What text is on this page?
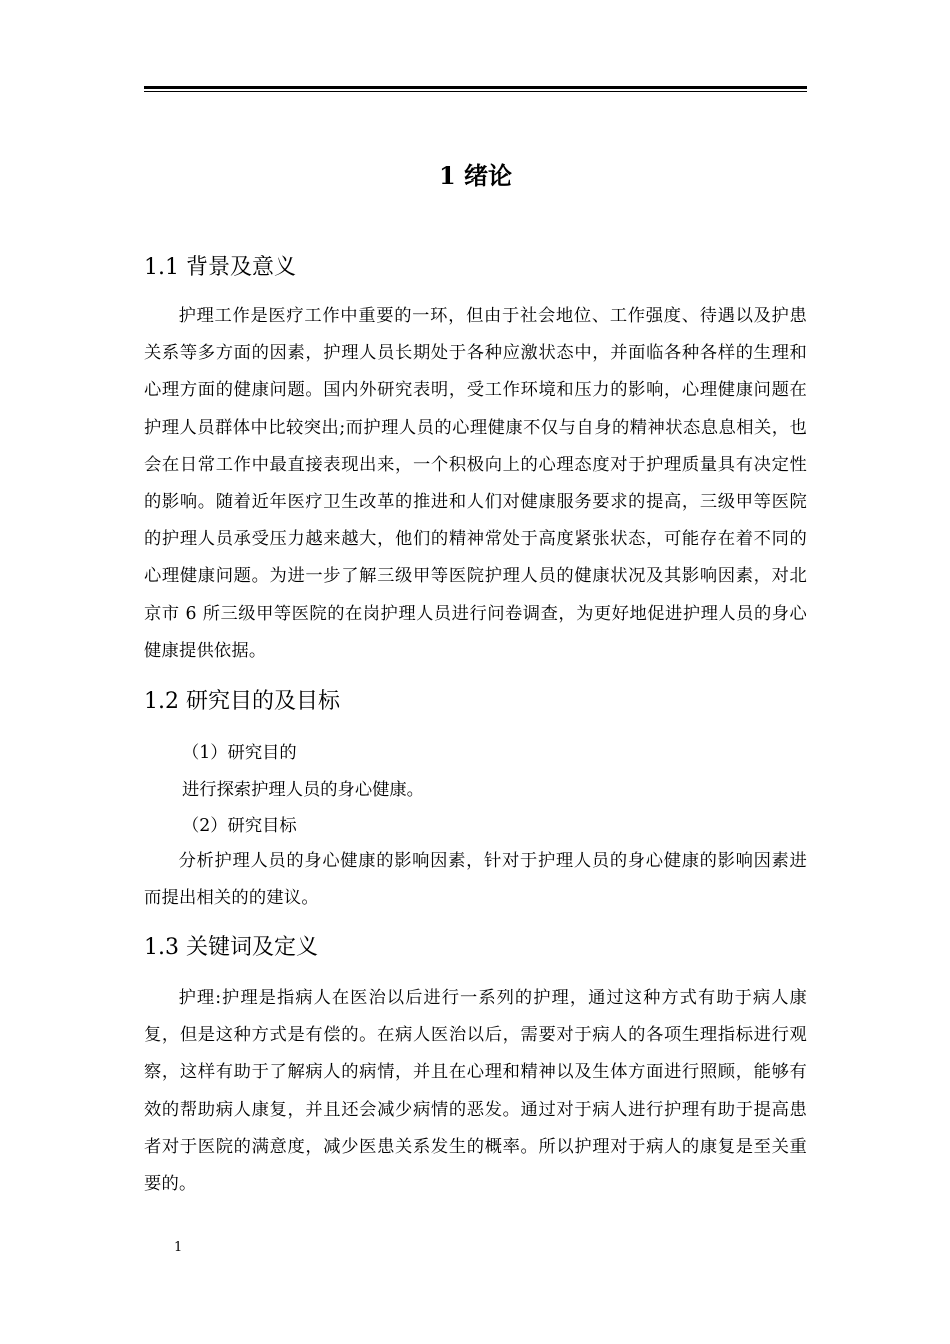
1 绪论
1.1 背景及意义

护理工作是医疗工作中重要的一环，但由于社会地位、工作强度、待遇以及护患关系等多方面的因素，护理人员长期处于各种应激状态中，并面临各种各样的生理和心理方面的健康问题。国内外研究表明，受工作环境和压力的影响，心理健康问题在护理人员群体中比较突出;而护理人员的心理健康不仅与自身的精神状态息息相关，也会在日常工作中最直接表现出来，一个积极向上的心理态度对于护理质量具有决定性的影响。随着近年医疗卫生改革的推进和人们对健康服务要求的提高，三级甲等医院的护理人员承受压力越来越大，他们的精神常处于高度紧张状态，可能存在着不同的心理健康问题。为进一步了解三级甲等医院护理人员的健康状况及其影响因素，对北京市 6 所三级甲等医院的在岗护理人员进行问卷调查，为更好地促进护理人员的身心健康提供依据。

1.2 研究目的及目标

（1）研究目的

进行探索护理人员的身心健康。

（2）研究目标

分析护理人员的身心健康的影响因素，针对于护理人员的身心健康的影响因素进而提出相关的的建议。

1.3 关键词及定义

护理:护理是指病人在医治以后进行一系列的护理，通过这种方式有助于病人康复，但是这种方式是有偿的。在病人医治以后，需要对于病人的各项生理指标进行观察，这样有助于了解病人的病情，并且在心理和精神以及生体方面进行照顾，能够有效的帮助病人康复，并且还会减少病情的恶发。通过对于病人进行护理有助于提高患者对于医院的满意度，减少医患关系发生的概率。所以护理对于病人的康复是至关重要的。

1
